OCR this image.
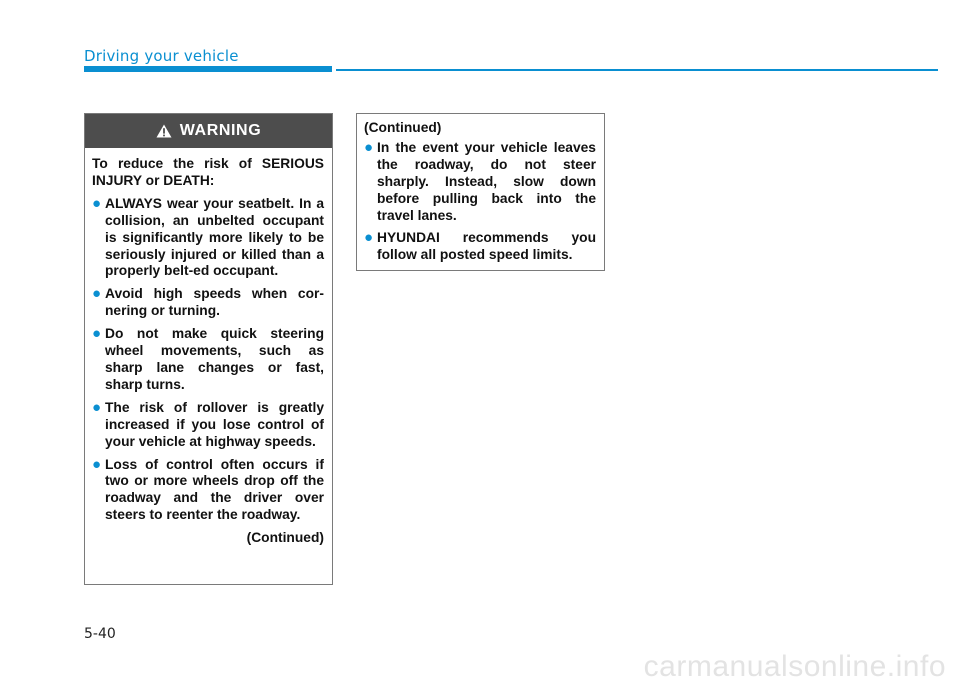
Driving your vehicle
WARNING
To reduce the risk of SERIOUS INJURY or DEATH:
● ALWAYS wear your seatbelt. In a collision, an unbelted occupant is significantly more likely to be seriously injured or killed than a properly belt-ed occupant.
● Avoid high speeds when cor-nering or turning.
● Do not make quick steering wheel movements, such as sharp lane changes or fast, sharp turns.
● The risk of rollover is greatly increased if you lose control of your vehicle at highway speeds.
● Loss of control often occurs if two or more wheels drop off the roadway and the driver over steers to reenter the roadway.
(Continued)
(Continued)
● In the event your vehicle leaves the roadway, do not steer sharply. Instead, slow down before pulling back into the travel lanes.
● HYUNDAI recommends you follow all posted speed limits.
5-40
carmanualsonline.info
